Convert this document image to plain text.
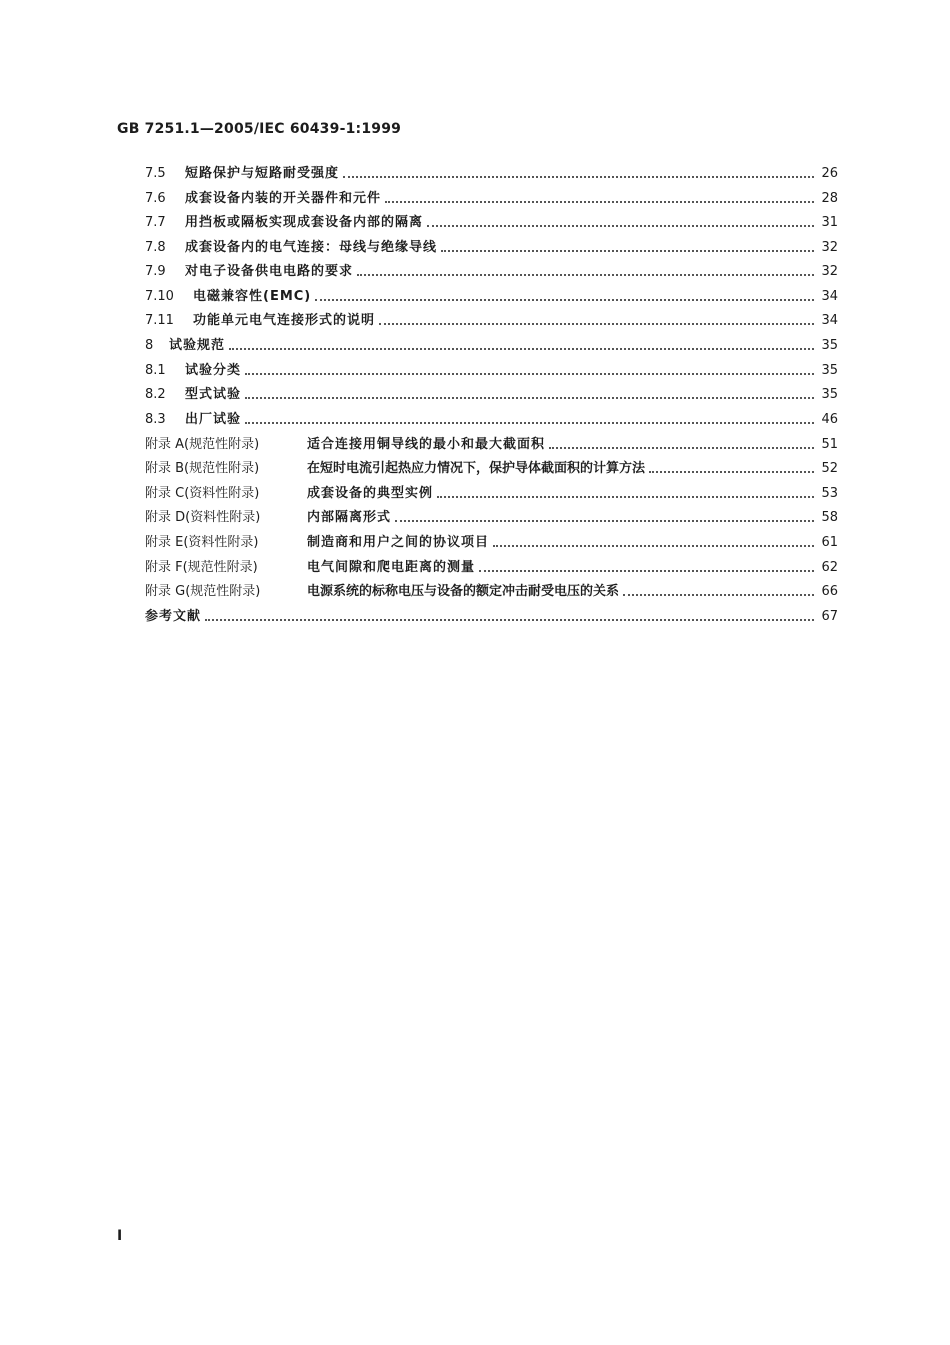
GB 7251.1—2005/IEC 60439-1:1999
7.5	短路保护与短路耐受强度	26
7.6	成套设备内装的开关器件和元件	28
7.7	用挡板或隔板实现成套设备内部的隔离	31
7.8	成套设备内的电气连接：母线与绝缘导线	32
7.9	对电子设备供电电路的要求	32
7.10	电磁兼容性(EMC)	34
7.11	功能单元电气连接形式的说明	34
8	试验规范	35
8.1	试验分类	35
8.2	型式试验	35
8.3	出厂试验	46
附录 A(规范性附录)	适合连接用铜导线的最小和最大截面积	51
附录 B(规范性附录)	在短时电流引起热应力情况下，保护导体截面积的计算方法	52
附录 C(资料性附录)	成套设备的典型实例	53
附录 D(资料性附录)	内部隔离形式	58
附录 E(资料性附录)	制造商和用户之间的协议项目	61
附录 F(规范性附录)	电气间隙和爬电距离的测量	62
附录 G(规范性附录)	电源系统的标称电压与设备的额定冲击耐受电压的关系	66
参考文献	67
I
